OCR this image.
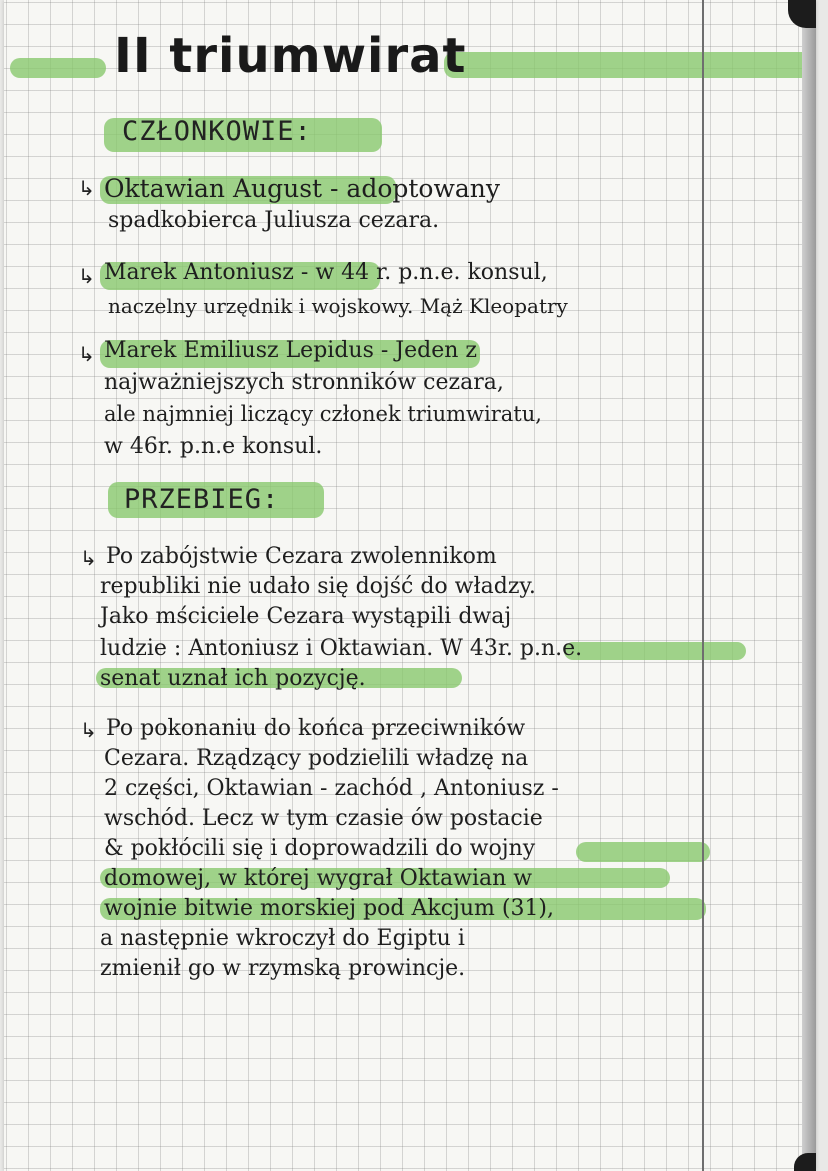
II triumwirat
CZŁONKOWIE:
↳ Oktawian August - adoptowany
spadkobierca Juliusza cezara.
↳ Marek Antoniusz - w 44 r. p.n.e. konsul,
naczelny urzędnik i wojskowy. Mąż Kleopatry
↳ Marek Emiliusz Lepidus - Jeden z
najważniejszych stronników cezara,
ale najmniej liczący członek triumwiratu,
w 46r. p.n.e konsul.
PRZEBIEG:
↳ Po zabójstwie Cezara zwolennikom
republiki nie udało się dojść do władzy.
Jako mściciele Cezara wystąpili dwaj
ludzie : Antoniusz i Oktawian. W 43r. p.n.e.
senat uznał ich pozycję.
↳ Po pokonaniu do końca przeciwników
Cezara. Rządzący podzielili władzę na
2 części, Oktawian - zachód , Antoniusz -
wschód. Lecz w tym czasie ów postacie
& pokłócili się i doprowadzili do wojny
domowej, w której wygrał Oktawian w
wojnie bitwie morskiej pod Akcjum (31),
a następnie wkroczył do Egiptu i
zmienił go w rzymską prowincje.
